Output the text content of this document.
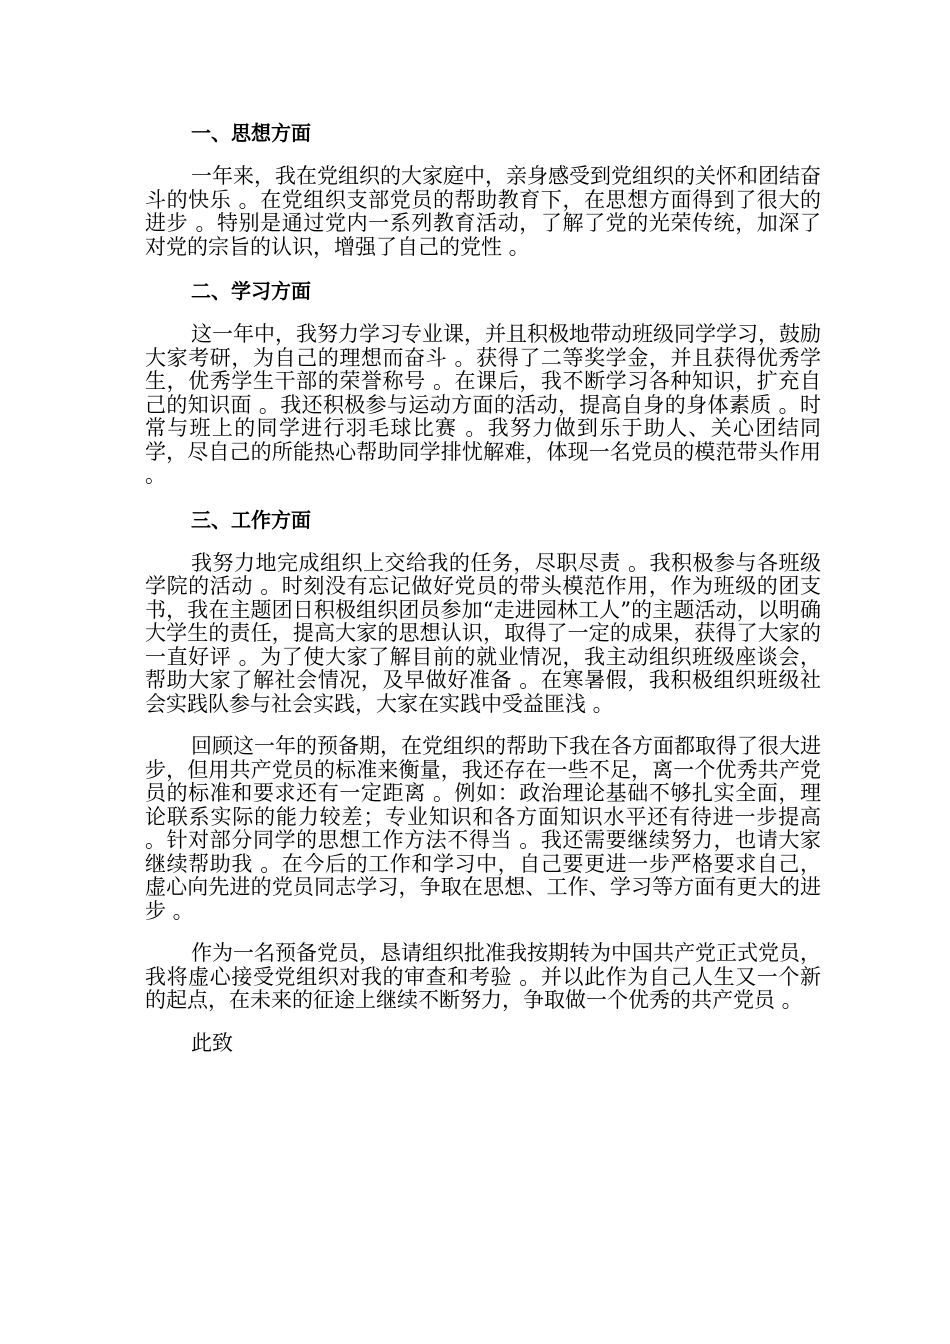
一、思想方面

一年来，我在党组织的大家庭中，亲身感受到党组织的关怀和团结奋斗的快乐 。在党组织支部党员的帮助教育下，在思想方面得到了很大的进步 。特别是通过党内一系列教育活动，了解了党的光荣传统，加深了对党的宗旨的认识，增强了自己的党性 。

二、学习方面

这一年中，我努力学习专业课，并且积极地带动班级同学学习，鼓励大家考研，为自己的理想而奋斗 。获得了二等奖学金，并且获得优秀学生，优秀学生干部的荣誉称号 。在课后，我不断学习各种知识，扩充自己的知识面 。我还积极参与运动方面的活动，提高自身的身体素质 。时常与班上的同学进行羽毛球比赛 。我努力做到乐于助人、关心团结同学，尽自己的所能热心帮助同学排忧解难，体现一名党员的模范带头作用 。

三、工作方面

我努力地完成组织上交给我的任务，尽职尽责 。我积极参与各班级学院的活动 。时刻没有忘记做好党员的带头模范作用，作为班级的团支书，我在主题团日积极组织团员参加“走进园林工人”的主题活动，以明确大学生的责任，提高大家的思想认识，取得了一定的成果，获得了大家的一直好评 。为了使大家了解目前的就业情况，我主动组织班级座谈会，帮助大家了解社会情况，及早做好准备 。在寒暑假，我积极组织班级社会实践队参与社会实践，大家在实践中受益匪浅 。

回顾这一年的预备期，在党组织的帮助下我在各方面都取得了很大进步，但用共产党员的标准来衡量，我还存在一些不足，离一个优秀共产党员的标准和要求还有一定距离 。例如：政治理论基础不够扎实全面，理论联系实际的能力较差；专业知识和各方面知识水平还有待进一步提高 。针对部分同学的思想工作方法不得当 。我还需要继续努力，也请大家继续帮助我 。在今后的工作和学习中，自己要更进一步严格要求自己，虚心向先进的党员同志学习，争取在思想、工作、学习等方面有更大的进步 。

作为一名预备党员，恳请组织批准我按期转为中国共产党正式党员，我将虚心接受党组织对我的审查和考验 。并以此作为自己人生又一个新的起点，在未来的征途上继续不断努力，争取做一个优秀的共产党员 。

此致
